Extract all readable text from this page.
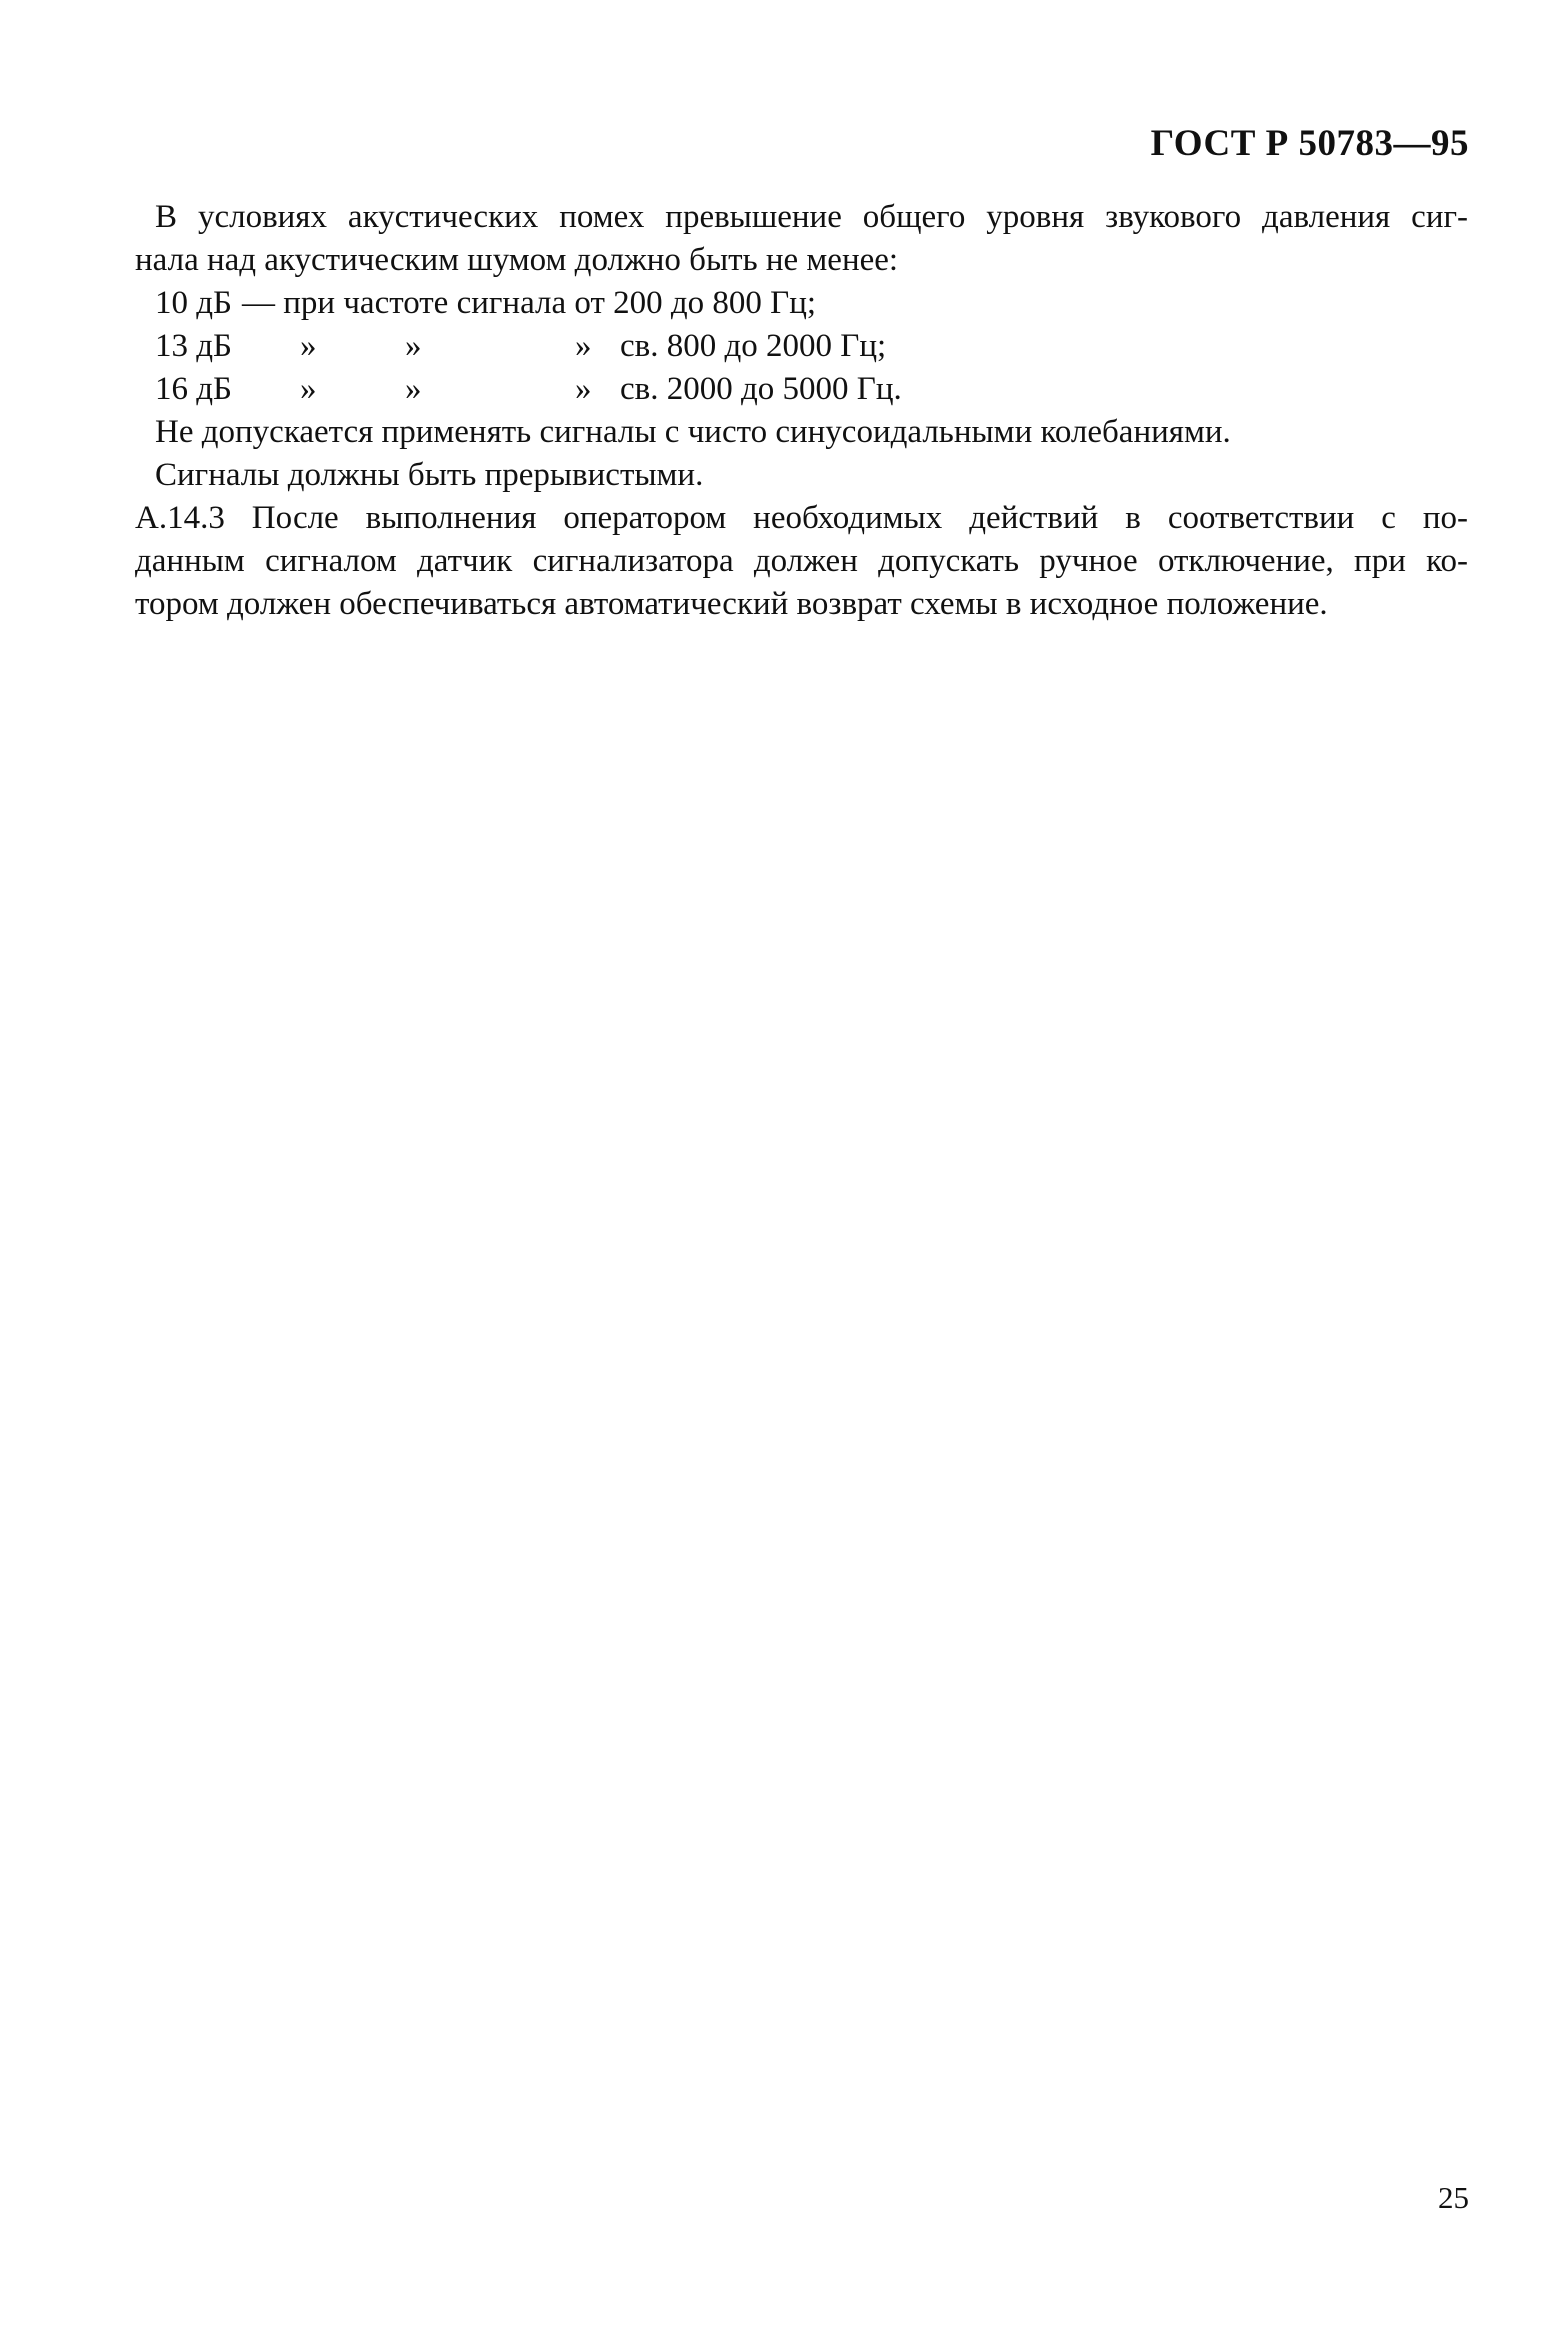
ГОСТ Р 50783—95
В условиях акустических помех превышение общего уровня звукового давления сиг-
нала над акустическим шумом должно быть не менее:
10 дБ — при частоте сигнала от 200 до 800 Гц;
13 дБ	»	»	» св. 800 до 2000 Гц;
16 дБ	»	»	» св. 2000 до 5000 Гц.
Не допускается применять сигналы с чисто синусоидальными колебаниями.
Сигналы должны быть прерывистыми.
А.14.3 После выполнения оператором необходимых действий в соответствии с по-
данным сигналом датчик сигнализатора должен допускать ручное отключение, при ко-
тором должен обеспечиваться автоматический возврат схемы в исходное положение.
25
